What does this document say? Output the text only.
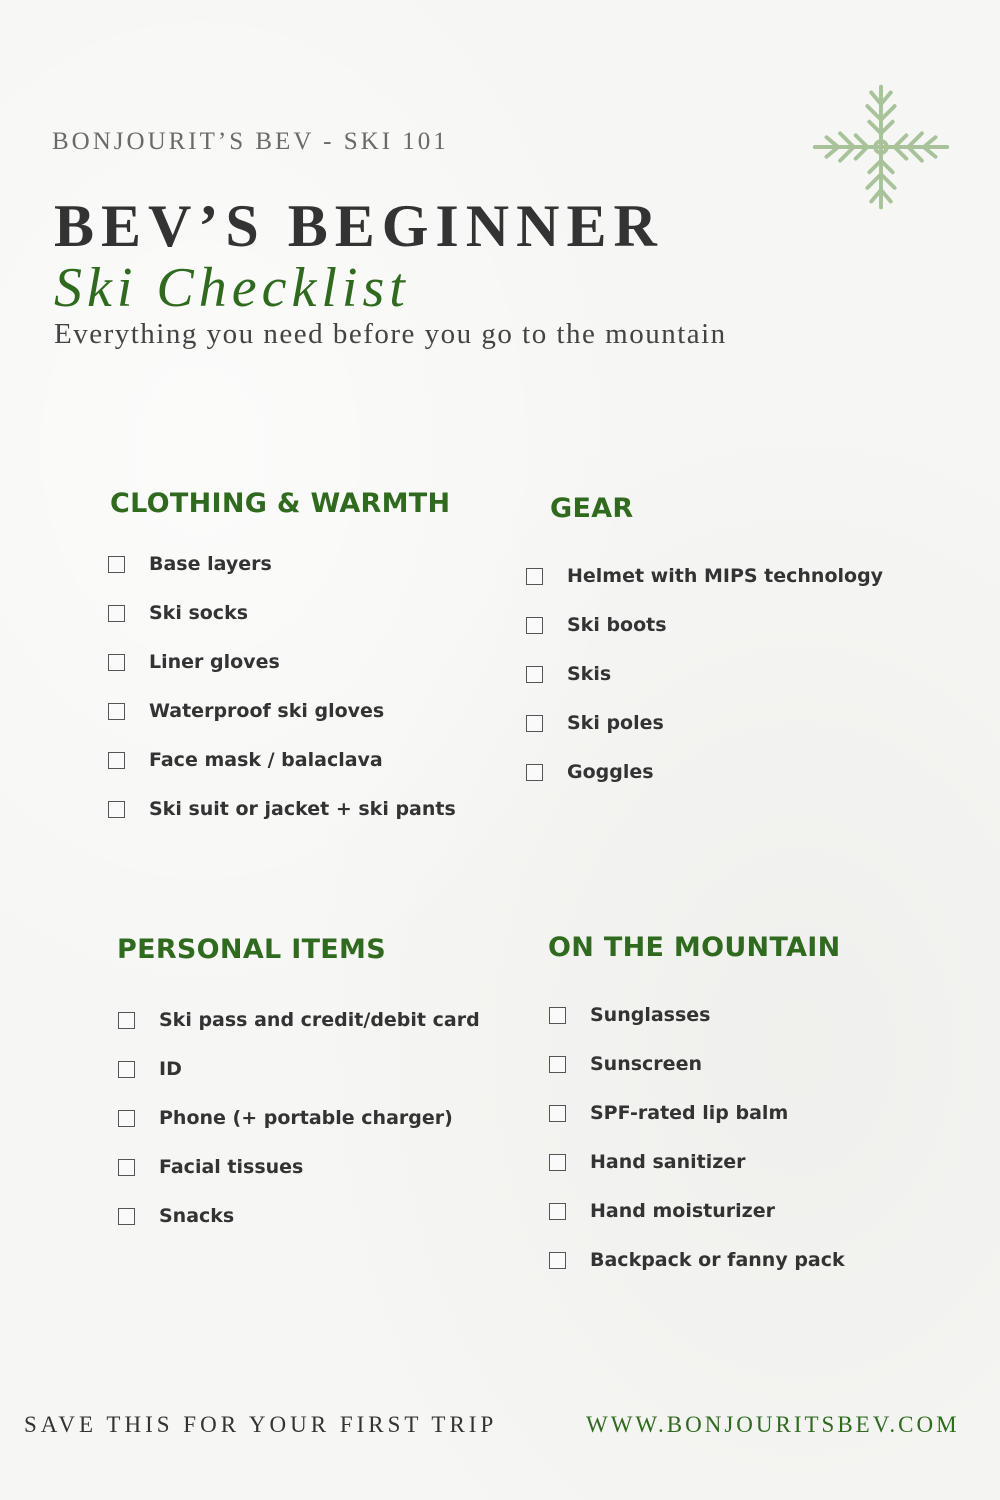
BONJOURIT’S BEV - SKI 101
BEV’S BEGINNER
Ski Checklist
Everything you need before you go to the mountain
CLOTHING & WARMTH
Base layers
Ski socks
Liner gloves
Waterproof ski gloves
Face mask / balaclava
Ski suit or jacket + ski pants
GEAR
Helmet with MIPS technology
Ski boots
Skis
Ski poles
Goggles
PERSONAL ITEMS
Ski pass and credit/debit card
ID
Phone (+ portable charger)
Facial tissues
Snacks
ON THE MOUNTAIN
Sunglasses
Sunscreen
SPF-rated lip balm
Hand sanitizer
Hand moisturizer
Backpack or fanny pack
SAVE THIS FOR YOUR FIRST TRIP	WWW.BONJOURITSBEV.COM
